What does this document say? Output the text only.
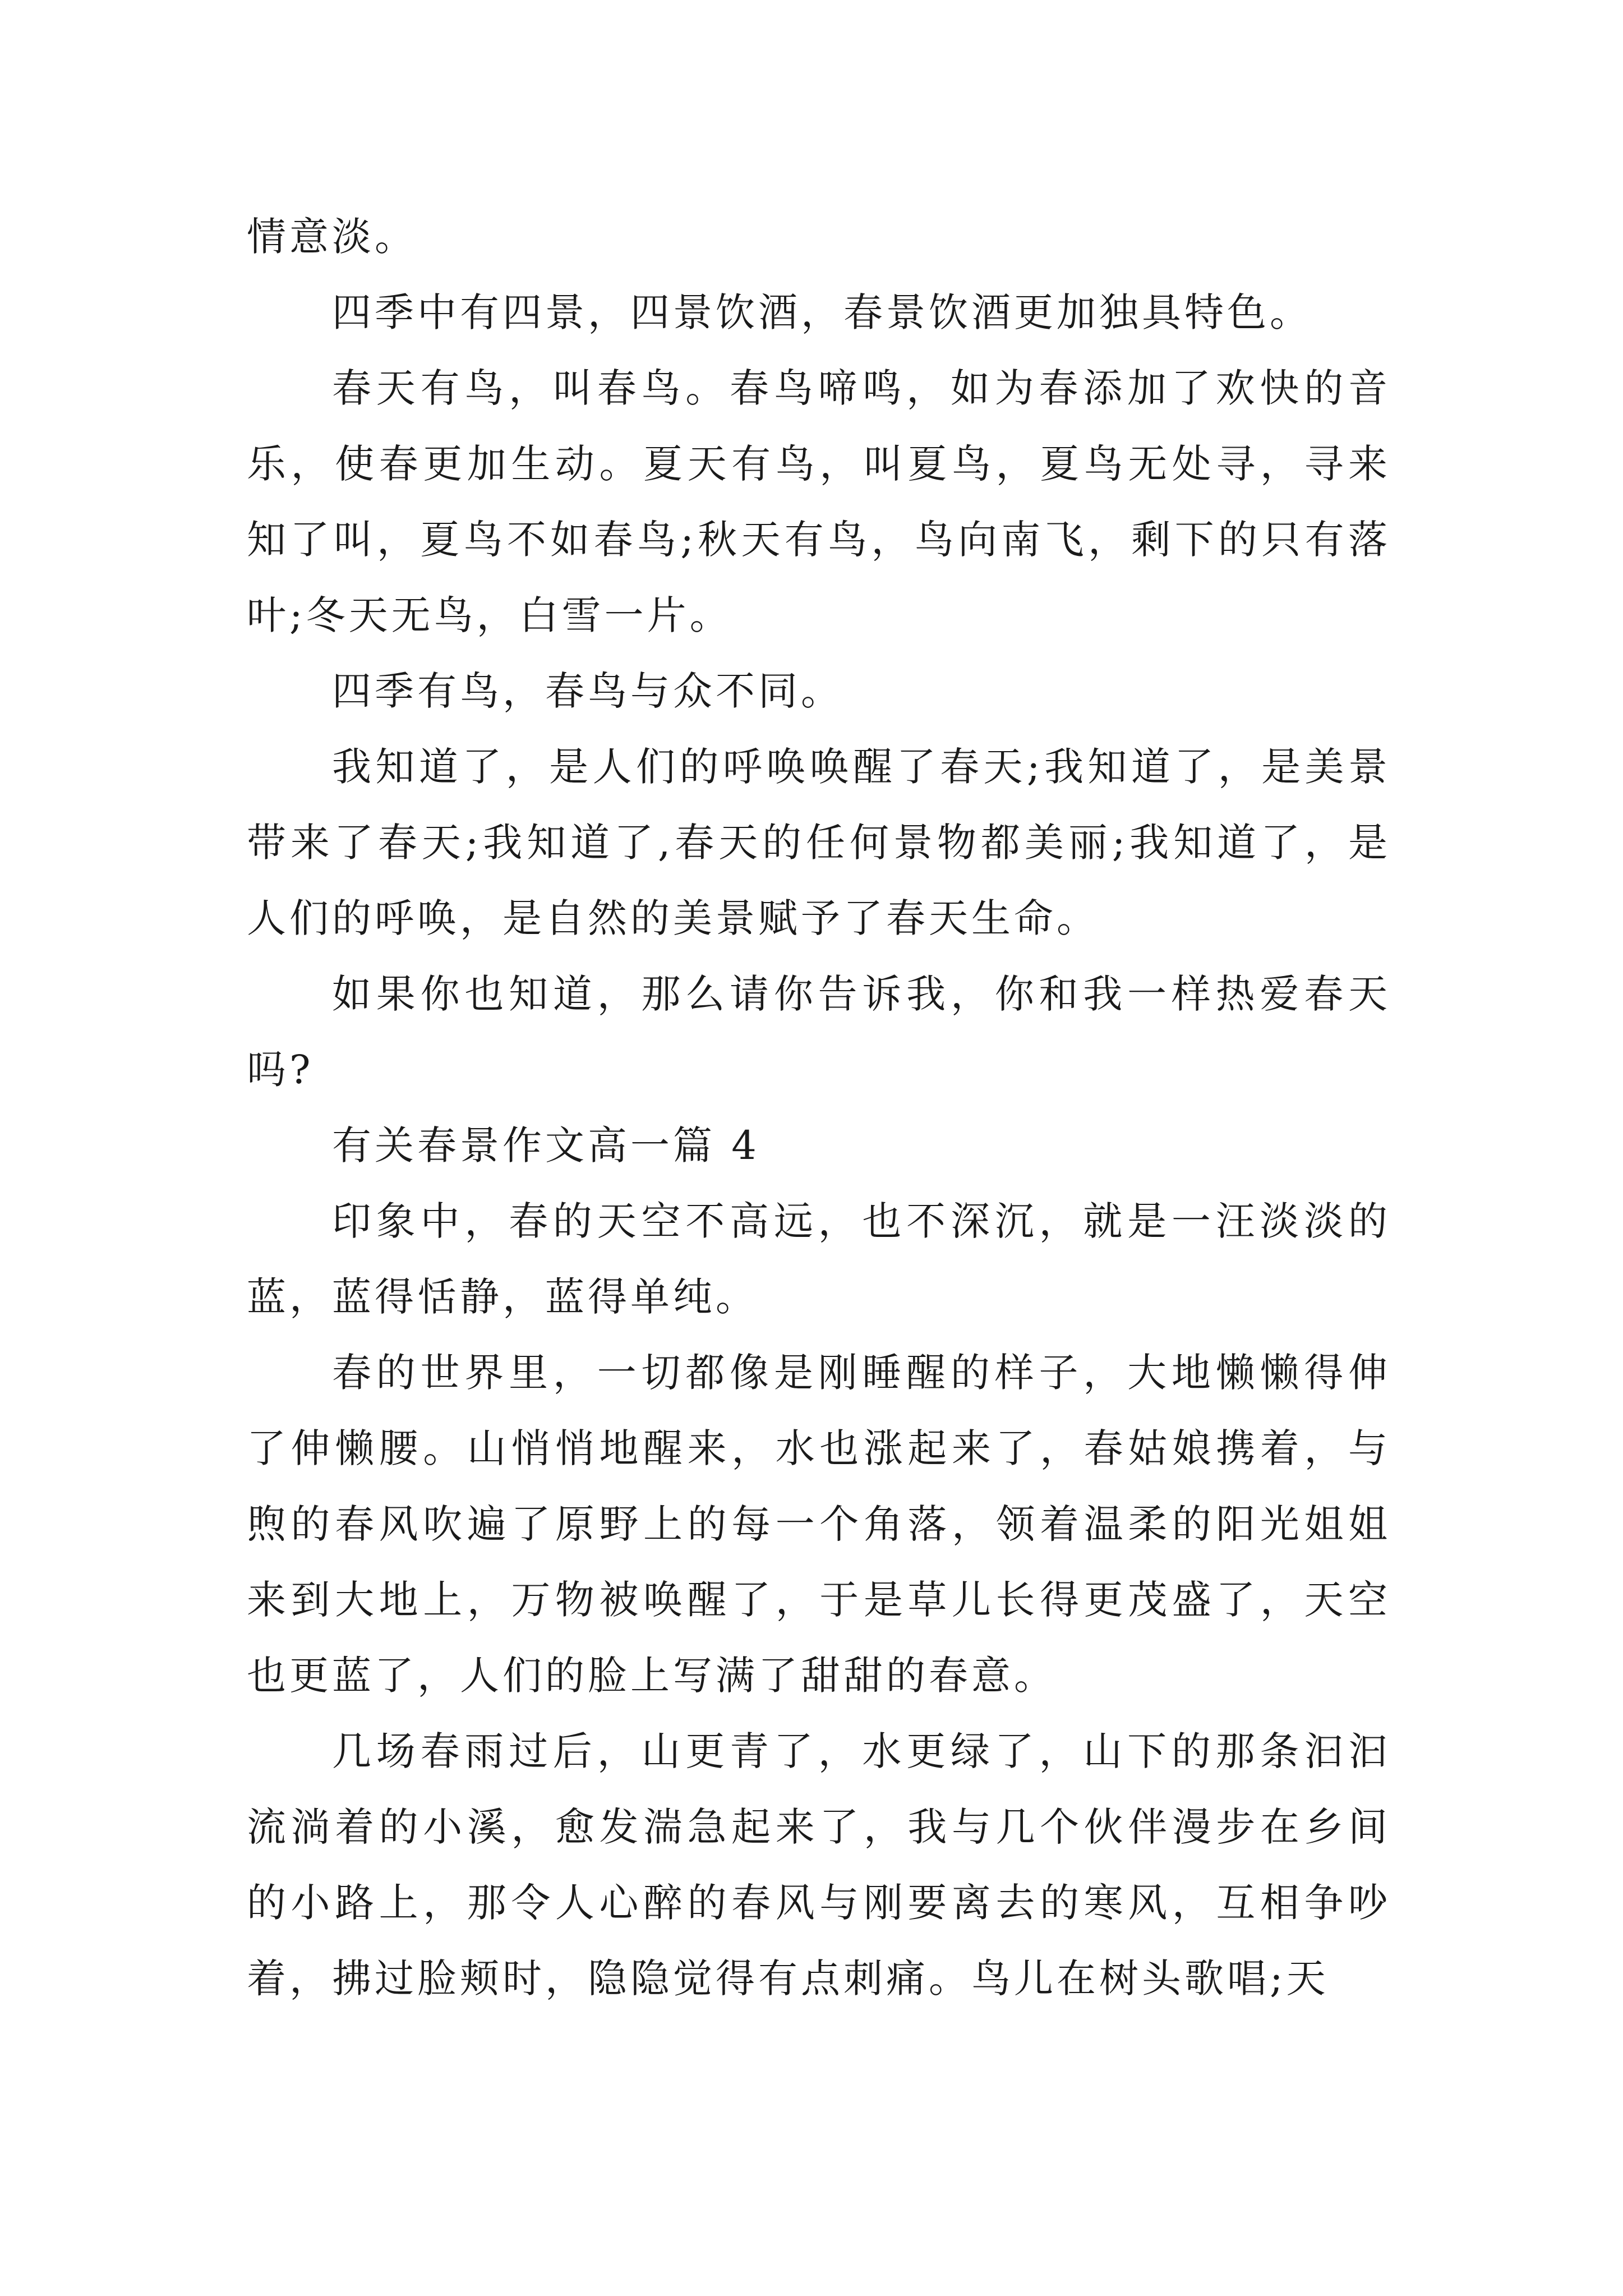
情意淡。

四季中有四景，四景饮酒，春景饮酒更加独具特色。

春天有鸟，叫春鸟。春鸟啼鸣，如为春添加了欢快的音乐，使春更加生动。夏天有鸟，叫夏鸟，夏鸟无处寻，寻来知了叫，夏鸟不如春鸟;秋天有鸟，鸟向南飞，剩下的只有落叶;冬天无鸟，白雪一片。

四季有鸟，春鸟与众不同。

我知道了，是人们的呼唤唤醒了春天;我知道了，是美景带来了春天;我知道了,春天的任何景物都美丽;我知道了，是人们的呼唤，是自然的美景赋予了春天生命。

如果你也知道，那么请你告诉我，你和我一样热爱春天吗?

有关春景作文高一篇 4

印象中，春的天空不高远，也不深沉，就是一汪淡淡的蓝，蓝得恬静，蓝得单纯。

春的世界里，一切都像是刚睡醒的样子，大地懒懒得伸了伸懒腰。山悄悄地醒来，水也涨起来了，春姑娘携着，与煦的春风吹遍了原野上的每一个角落，领着温柔的阳光姐姐来到大地上，万物被唤醒了，于是草儿长得更茂盛了，天空也更蓝了，人们的脸上写满了甜甜的春意。

几场春雨过后，山更青了，水更绿了，山下的那条汩汩流淌着的小溪，愈发湍急起来了，我与几个伙伴漫步在乡间的小路上，那令人心醉的春风与刚要离去的寒风，互相争吵着，拂过脸颊时，隐隐觉得有点刺痛。鸟儿在树头歌唱;天
